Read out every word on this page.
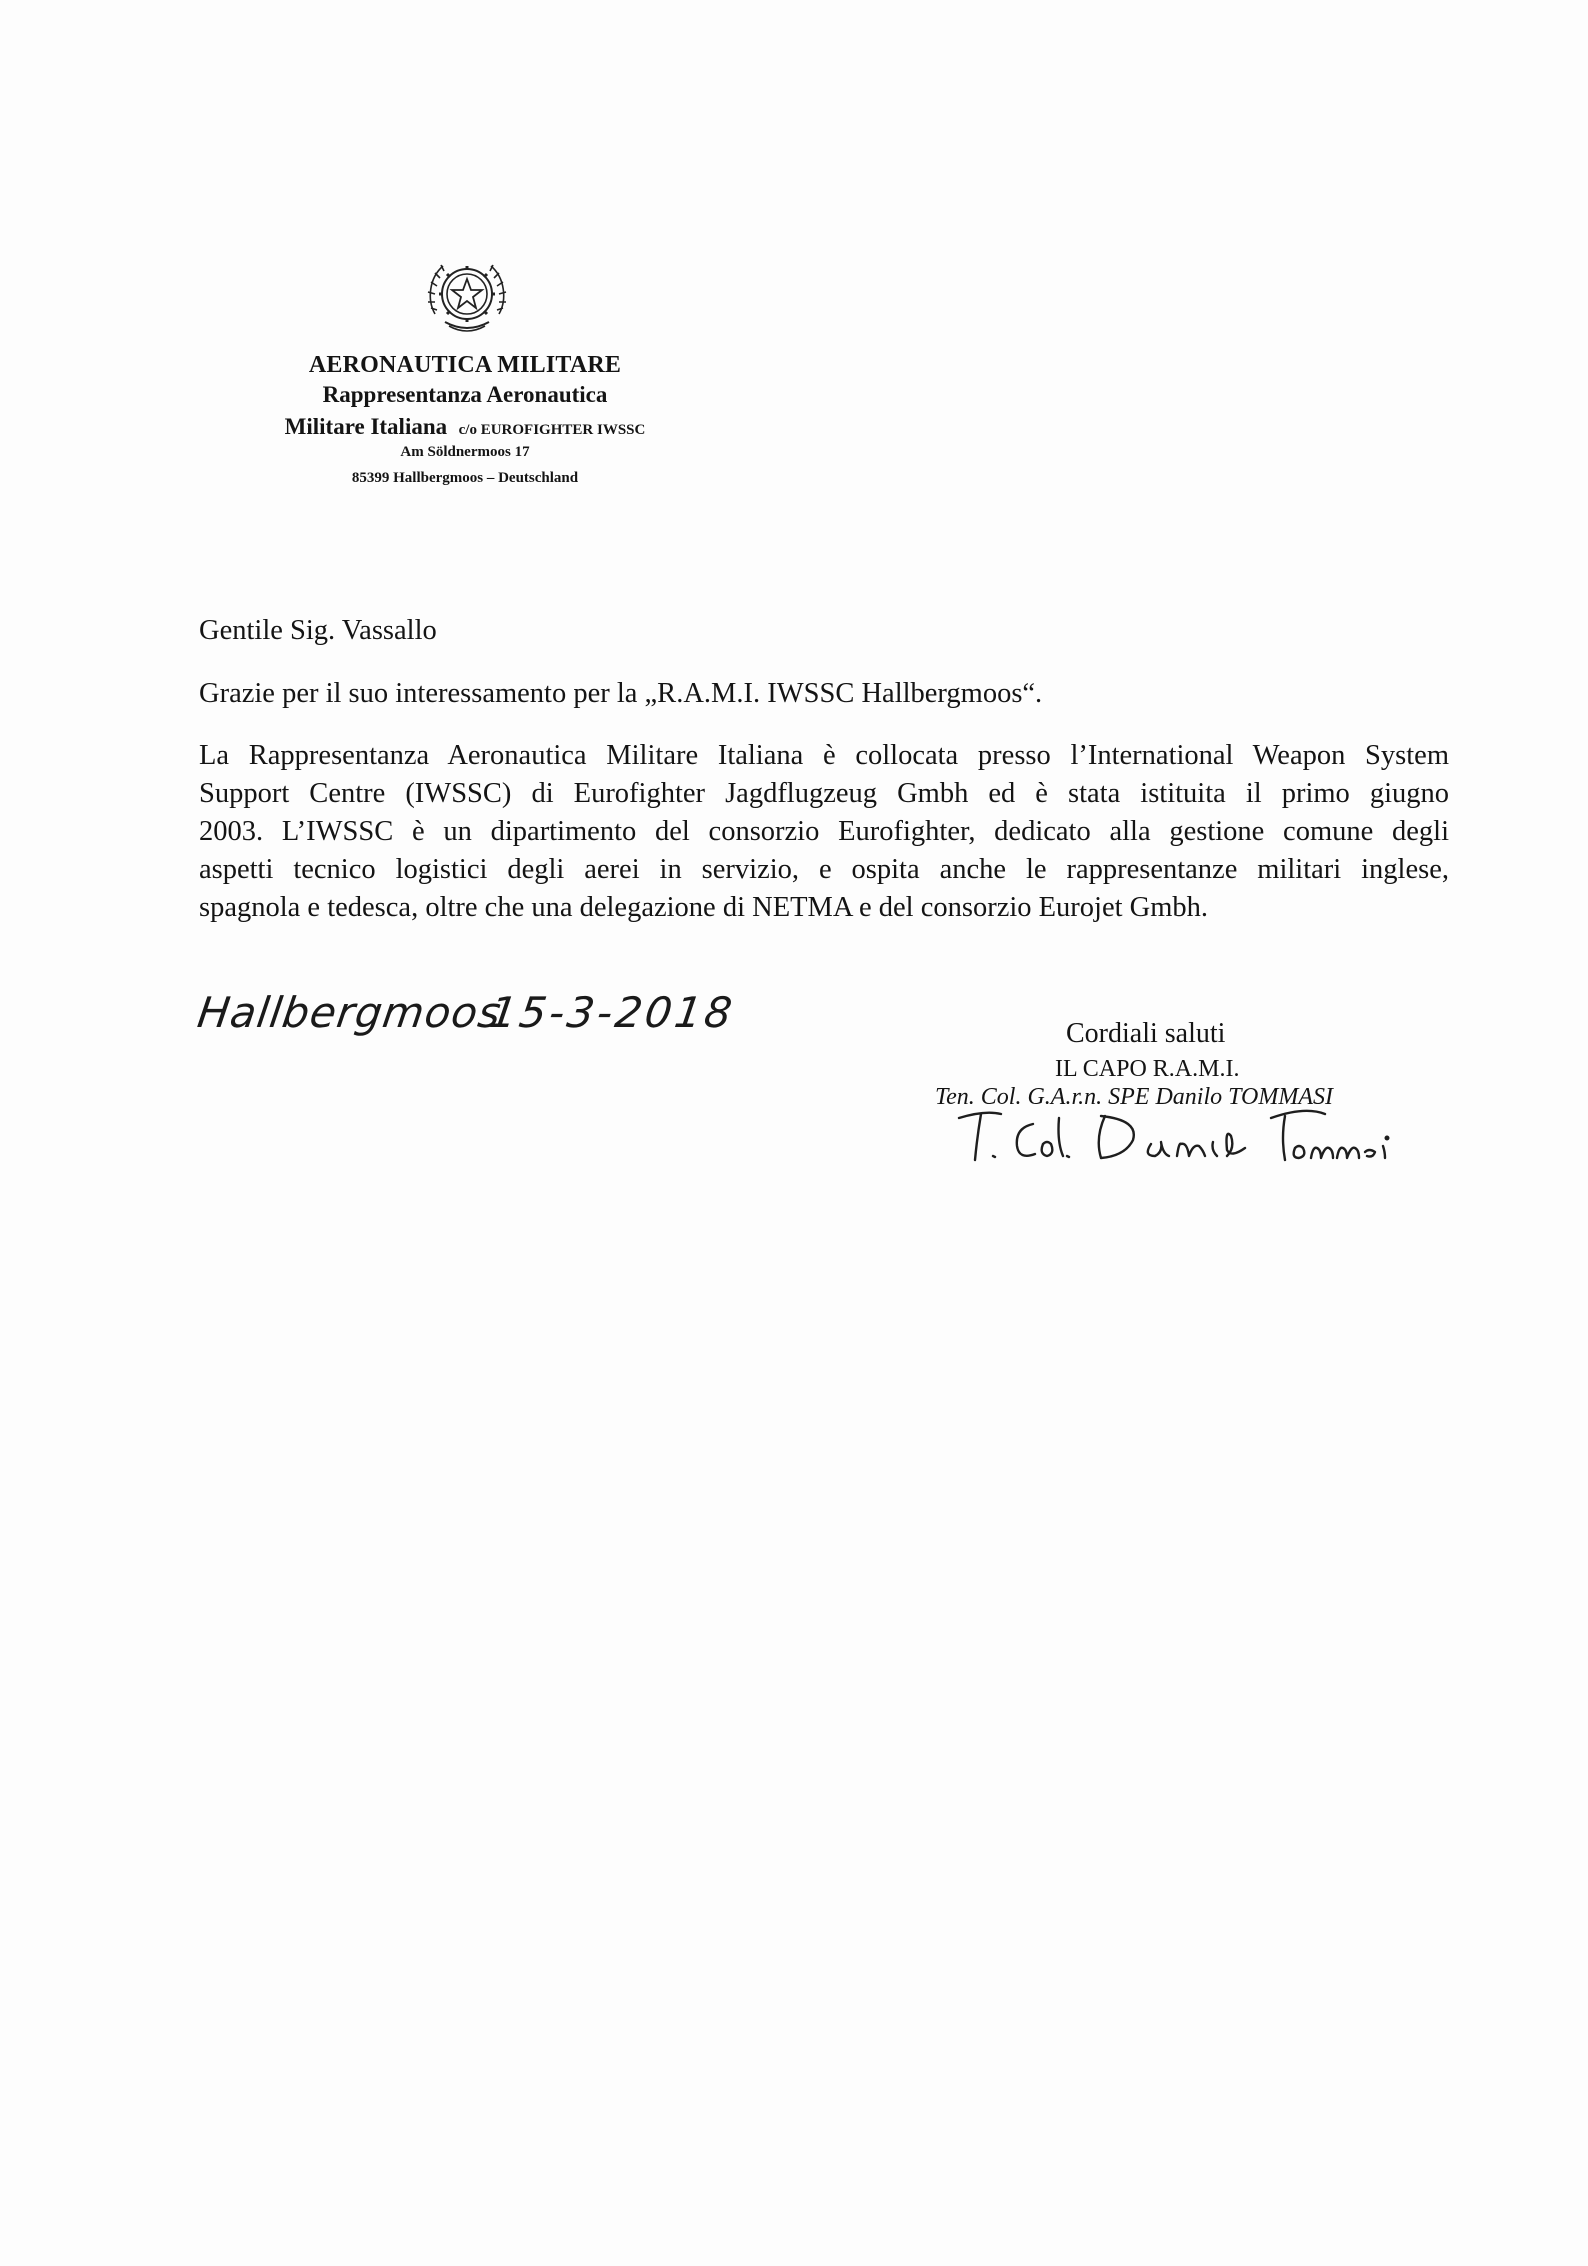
AERONAUTICA MILITARE
Rappresentanza Aeronautica
Militare Italiana c/o EUROFIGHTER IWSSC
Am Söldnermoos 17
85399 Hallbergmoos – Deutschland
Gentile Sig. Vassallo
Grazie per il suo interessamento per la „R.A.M.I. IWSSC Hallbergmoos“.
La Rappresentanza Aeronautica Militare Italiana è collocata presso l’International Weapon System
Support Centre (IWSSC) di Eurofighter Jagdflugzeug Gmbh ed è stata istituita il primo giugno
2003. L’IWSSC è un dipartimento del consorzio Eurofighter, dedicato alla gestione comune degli
aspetti tecnico logistici degli aerei in servizio, e ospita anche le rappresentanze militari inglese,
spagnola e tedesca, oltre che una delegazione di NETMA e del consorzio Eurojet Gmbh.
Hallbergmoos
15-3-2018	Cordiali saluti
IL CAPO R.A.M.I.
Ten. Col. G.A.r.n. SPE Danilo TOMMASI
